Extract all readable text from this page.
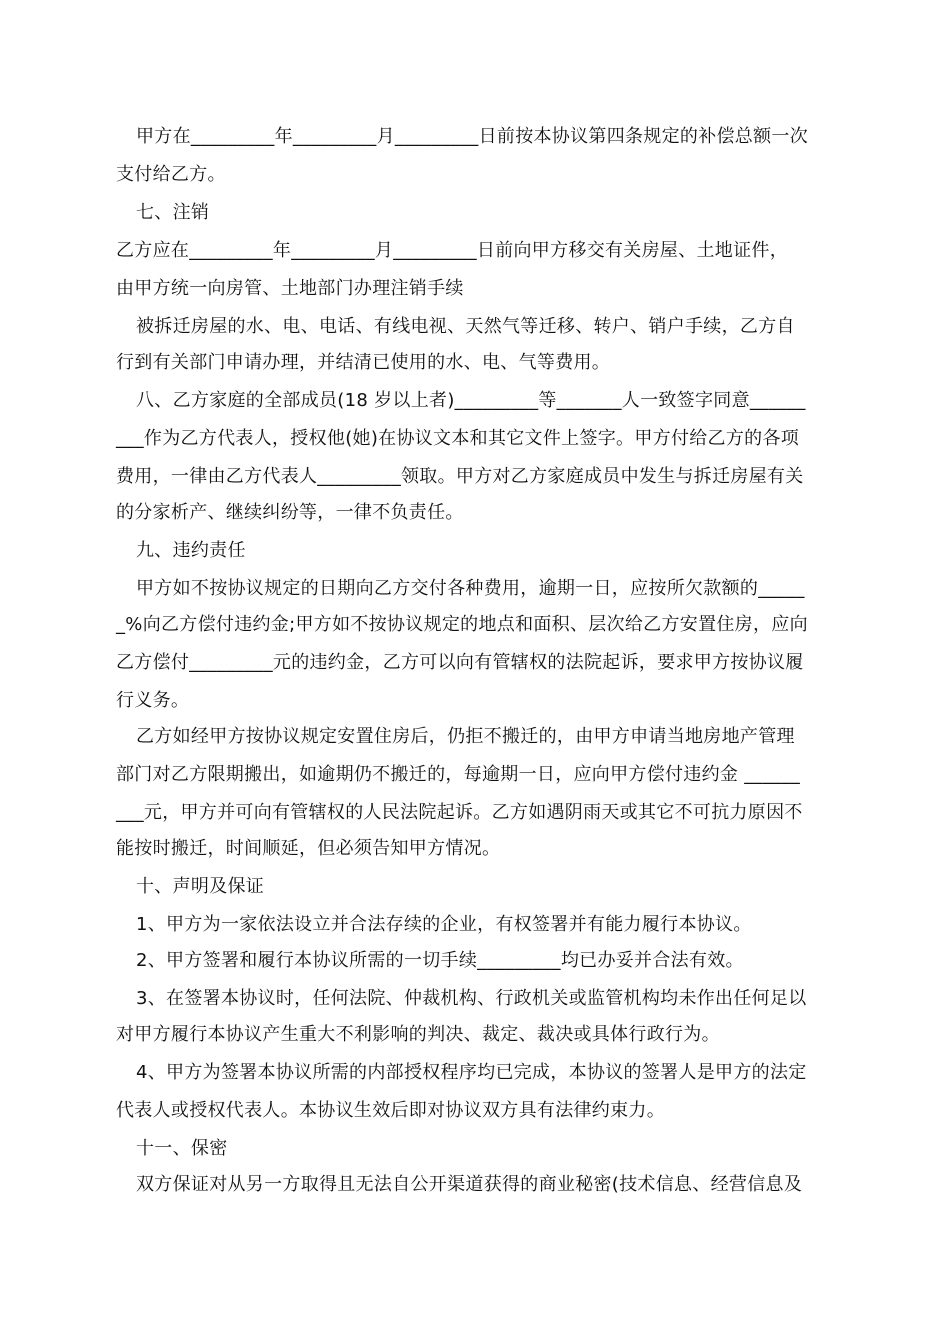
甲方在_________年_________月_________日前按本协议第四条规定的补偿总额一次

支付给乙方。

七、注销

乙方应在_________年_________月_________日前向甲方移交有关房屋、土地证件，

由甲方统一向房管、土地部门办理注销手续

被拆迁房屋的水、电、电话、有线电视、天然气等迁移、转户、销户手续，乙方自

行到有关部门申请办理，并结清已使用的水、电、气等费用。

八、乙方家庭的全部成员(18 岁以上者)_________等_______人一致签字同意______

___作为乙方代表人，授权他(她)在协议文本和其它文件上签字。甲方付给乙方的各项

费用，一律由乙方代表人_________领取。甲方对乙方家庭成员中发生与拆迁房屋有关

的分家析产、继续纠纷等，一律不负责任。

九、违约责任

甲方如不按协议规定的日期向乙方交付各种费用，逾期一日，应按所欠款额的_____

_%向乙方偿付违约金;甲方如不按协议规定的地点和面积、层次给乙方安置住房，应向

乙方偿付_________元的违约金，乙方可以向有管辖权的法院起诉，要求甲方按协议履

行义务。

乙方如经甲方按协议规定安置住房后，仍拒不搬迁的，由甲方申请当地房地产管理

部门对乙方限期搬出，如逾期仍不搬迁的，每逾期一日，应向甲方偿付违约金 ______

___元，甲方并可向有管辖权的人民法院起诉。乙方如遇阴雨天或其它不可抗力原因不

能按时搬迁，时间顺延，但必须告知甲方情况。

十、声明及保证

1、甲方为一家依法设立并合法存续的企业，有权签署并有能力履行本协议。

2、甲方签署和履行本协议所需的一切手续_________均已办妥并合法有效。

3、在签署本协议时，任何法院、仲裁机构、行政机关或监管机构均未作出任何足以

对甲方履行本协议产生重大不利影响的判决、裁定、裁决或具体行政行为。

4、甲方为签署本协议所需的内部授权程序均已完成，本协议的签署人是甲方的法定

代表人或授权代表人。本协议生效后即对协议双方具有法律约束力。

十一、保密

双方保证对从另一方取得且无法自公开渠道获得的商业秘密(技术信息、经营信息及
